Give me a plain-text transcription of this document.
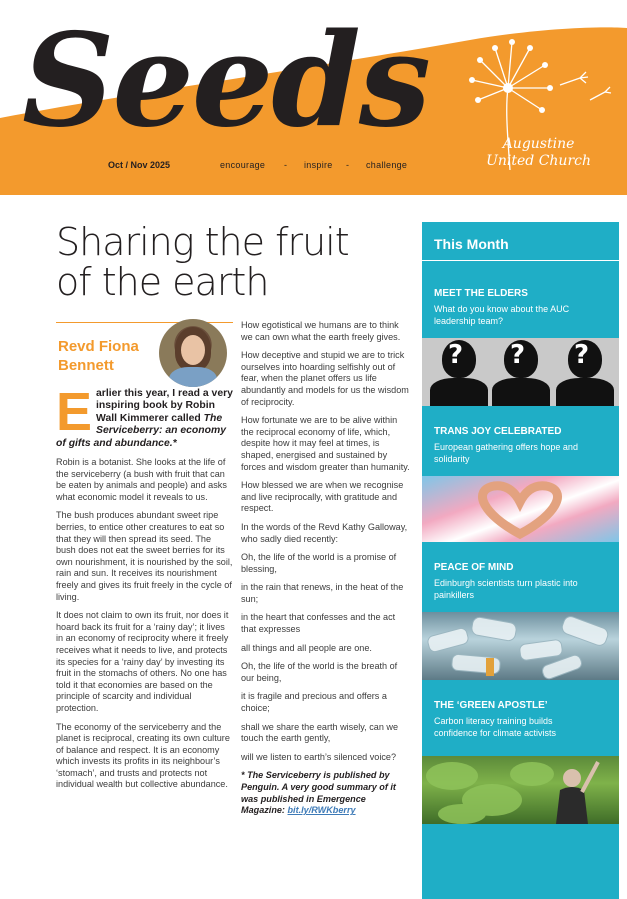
Seeds
Oct / Nov 2025	encourage - inspire - challenge
Augustine
United Church
Sharing the fruit of the earth
Revd Fiona Bennett

Earlier this year, I read a very inspiring book by Robin Wall Kimmerer called The Serviceberry: an economy of gifts and abundance.*

Robin is a botanist. She looks at the life of the serviceberry (a bush with fruit that can be eaten by animals and people) and asks what economic model it reveals to us.

The bush produces abundant sweet ripe berries, to entice other creatures to eat so that they will then spread its seed. The bush does not eat the sweet berries for its own nourishment, it is nourished by the soil, rain and sun. It receives its nourishment freely and gives its fruit freely in the cycle of living.

It does not claim to own its fruit, nor does it hoard back its fruit for a ‘rainy day’; it lives in an economy of reciprocity where it freely receives what it needs to live, and protects its species for a ‘rainy day’ by investing its fruit in the stomachs of others. No one has told it that economies are based on the principle of scarcity and individual protection.

The economy of the serviceberry and the planet is reciprocal, creating its own culture of balance and respect. It is an economy which invests its profits in its neighbour’s ‘stomach’, and trusts and protects not individual wealth but collective abundance.

How egotistical we humans are to think we can own what the earth freely gives.

How deceptive and stupid we are to trick ourselves into hoarding selfishly out of fear, when the planet offers us life abundantly and models for us the wisdom of reciprocity.

How fortunate we are to be alive within the reciprocal economy of life, which, despite how it may feel at times, is shaped, energised and sustained by forces and wisdom greater than humanity.

How blessed we are when we recognise and live reciprocally, with gratitude and respect.

In the words of the Revd Kathy Galloway, who sadly died recently:

Oh, the life of the world is a promise of blessing,

in the rain that renews, in the heat of the sun;

in the heart that confesses and the act that expresses

all things and all people are one.

Oh, the life of the world is the breath of our being,

it is fragile and precious and offers a choice;

shall we share the earth wisely, can we touch the earth gently,

will we listen to earth’s silenced voice?

* The Serviceberry is published by Penguin. A very good summary of it was published in Emergence Magazine: bit.ly/RWKberry

This Month
MEET THE ELDERS
What do you know about the AUC leadership team?
? ? ?
TRANS JOY CELEBRATED
European gathering offers hope and solidarity
PEACE OF MIND
Edinburgh scientists turn plastic into painkillers
THE ‘GREEN APOSTLE’
Carbon literacy training builds confidence for climate activists
